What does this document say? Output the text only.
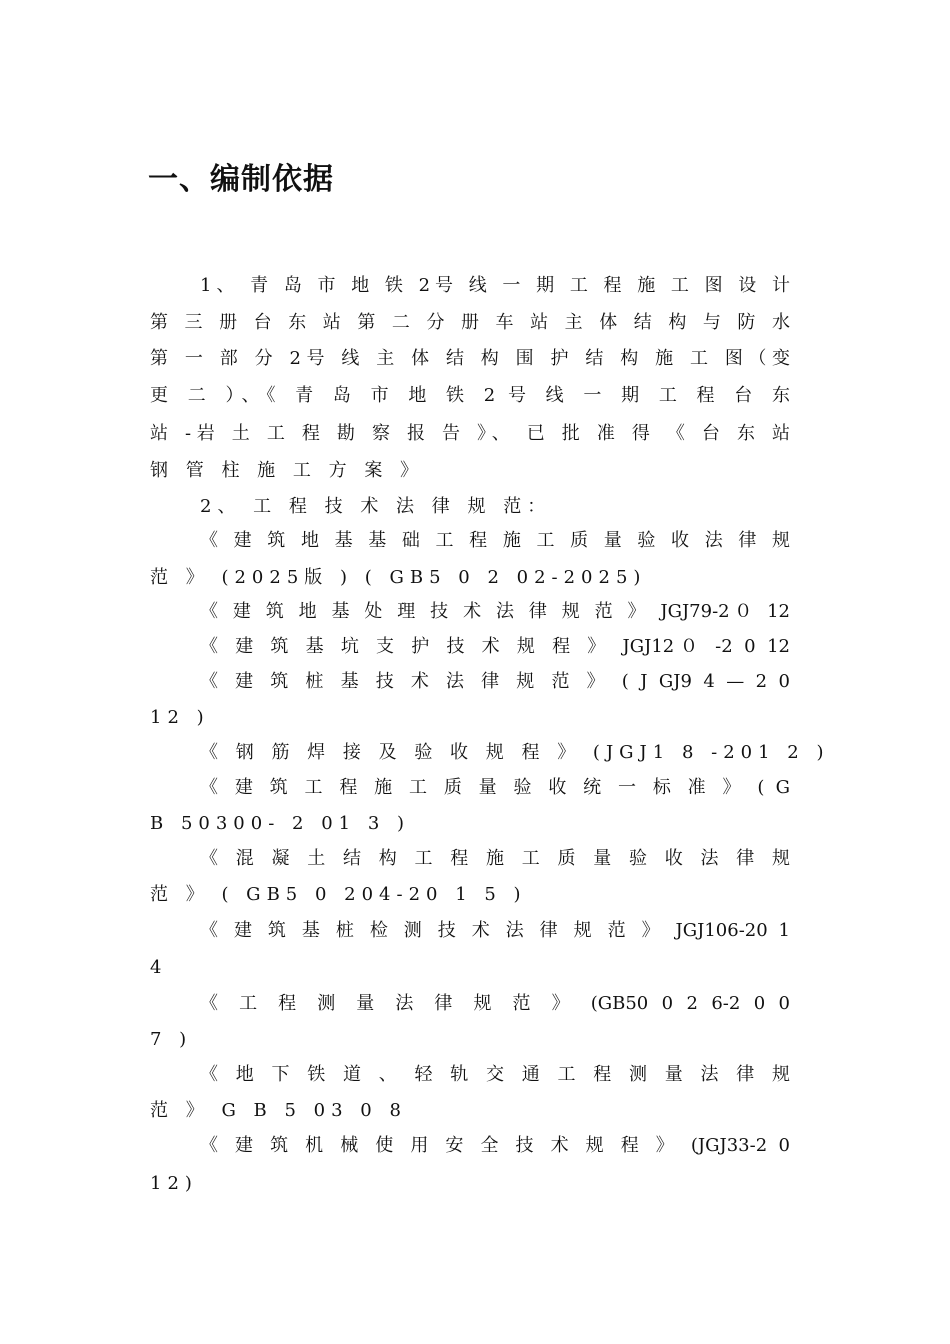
一、编制依据
1、 青 岛 市 地 铁 2号 线 一 期 工 程 施 工 图 设 计
第 三 册 台 东 站 第 二 分 册 车 站 主 体 结 构 与 防 水
第 一 部 分 2号 线 主 体 结 构 围 护 结 构 施 工 图（变
更 二 ）、《 青 岛 市 地 铁 2 号 线 一 期 工 程 台 东
站 -岩 土 工 程 勘 察 报 告 》、 已 批 准 得 《 台 东 站
钢 管 柱 施 工 方 案 》
2、 工 程 技 术 法 律 规 范：
《 建 筑 地 基 基 础 工 程 施 工 质 量 验 收 法 律 规
范 》 (2025版 ) ( GB5 0 2 02-2025)
《 建 筑 地 基 处 理 技 术 法 律 规 范 》 JGJ79-2０ 12
《 建 筑 基 坑 支 护 技 术 规 程 》 JGJ12０ -2 0 12
《 建 筑 桩 基 技 术 法 律 规 范 》 ( J GJ9 4 — 2 0
12 )
《 钢 筋 焊 接 及 验 收 规 程 》 (JGJ1 8 -201 2 )
《 建 筑 工 程 施 工 质 量 验 收 统 一 标 准 》 ( G
B 50300- 2 01 3 )
《 混 凝 土 结 构 工 程 施 工 质 量 验 收 法 律 规
范 》 ( GB5 0 204-20 1 5 )
《 建 筑 基 桩 检 测 技 术 法 律 规 范 》 JGJ106-20 1
4
《 工 程 测 量 法 律 规 范 》 (GB50 0 2 6-2 0 0
7 )
《 地 下 铁 道 、 轻 轨 交 通 工 程 测 量 法 律 规
范 》 G B 5 03 0 8
《 建 筑 机 械 使 用 安 全 技 术 规 程 》 (JGJ33-2 0
12)
